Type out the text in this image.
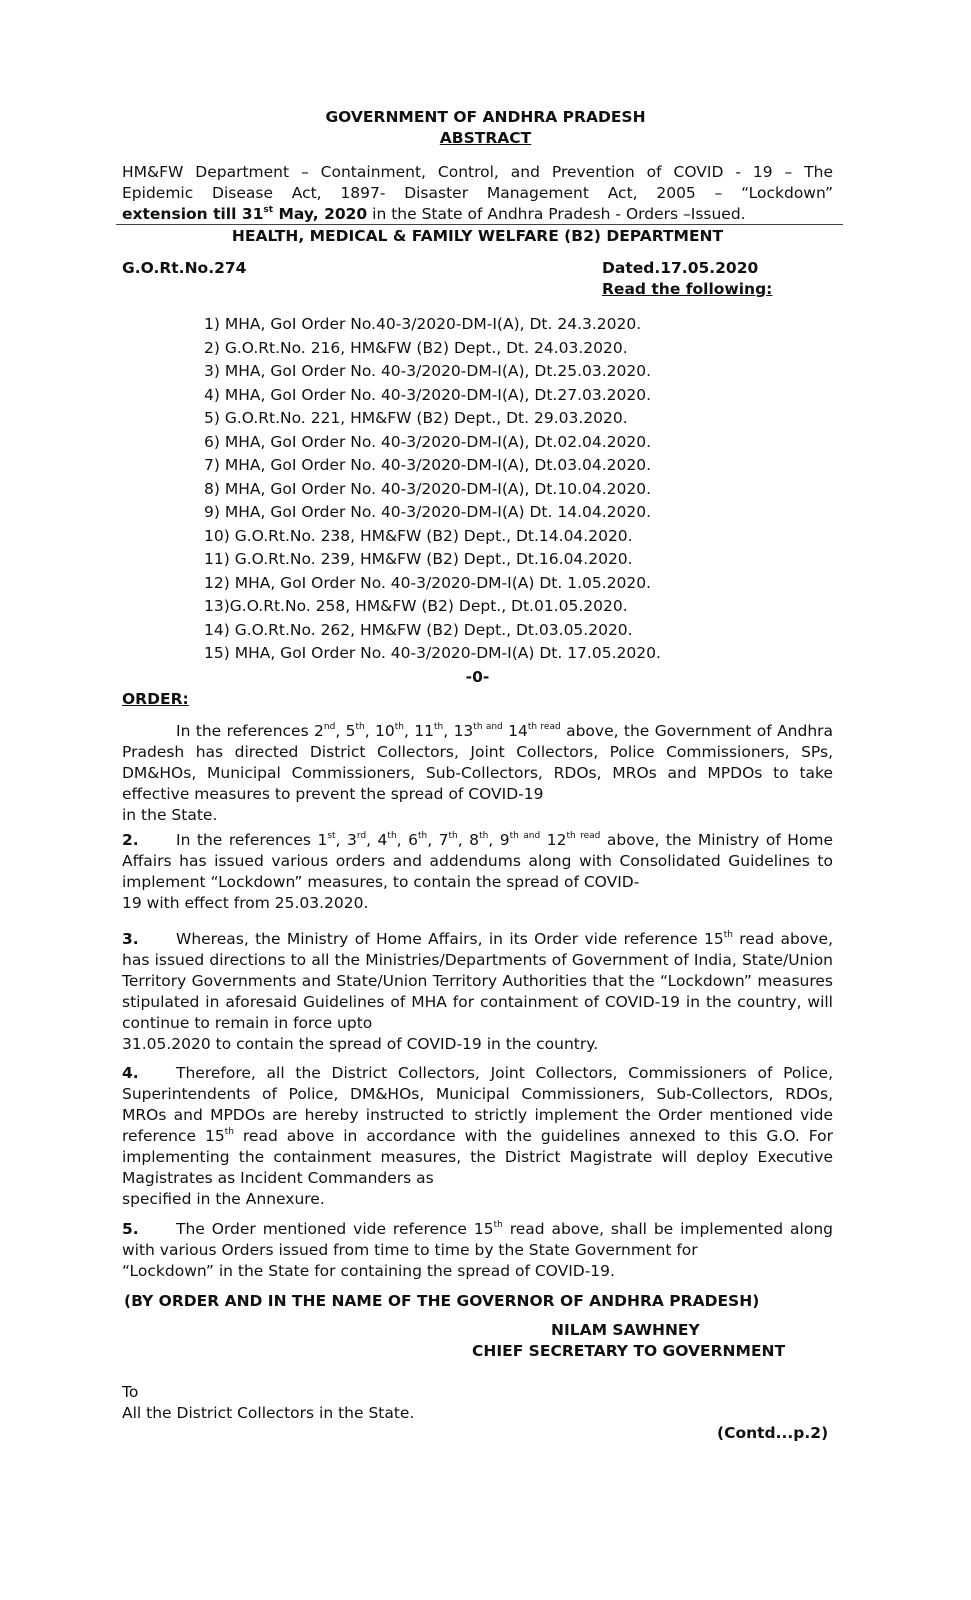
GOVERNMENT OF ANDHRA PRADESH
ABSTRACT
HM&FW Department – Containment, Control, and Prevention of COVID - 19 – The
Epidemic Disease Act, 1897- Disaster Management Act, 2005 – “Lockdown”
extension till 31st May, 2020 in the State of Andhra Pradesh - Orders –Issued.
HEALTH, MEDICAL & FAMILY WELFARE (B2) DEPARTMENT
G.O.Rt.No.274	Dated.17.05.2020
Read the following:
1) MHA, GoI Order No.40-3/2020-DM-I(A), Dt. 24.3.2020.
2) G.O.Rt.No. 216, HM&FW (B2) Dept., Dt. 24.03.2020.
3) MHA, GoI Order No. 40-3/2020-DM-I(A), Dt.25.03.2020.
4) MHA, GoI Order No. 40-3/2020-DM-I(A), Dt.27.03.2020.
5) G.O.Rt.No. 221, HM&FW (B2) Dept., Dt. 29.03.2020.
6) MHA, GoI Order No. 40-3/2020-DM-I(A), Dt.02.04.2020.
7) MHA, GoI Order No. 40-3/2020-DM-I(A), Dt.03.04.2020.
8) MHA, GoI Order No. 40-3/2020-DM-I(A), Dt.10.04.2020.
9) MHA, GoI Order No. 40-3/2020-DM-I(A) Dt. 14.04.2020.
10) G.O.Rt.No. 238, HM&FW (B2) Dept., Dt.14.04.2020.
11) G.O.Rt.No. 239, HM&FW (B2) Dept., Dt.16.04.2020.
12) MHA, GoI Order No. 40-3/2020-DM-I(A) Dt. 1.05.2020.
13)G.O.Rt.No. 258, HM&FW (B2) Dept., Dt.01.05.2020.
14) G.O.Rt.No. 262, HM&FW (B2) Dept., Dt.03.05.2020.
15) MHA, GoI Order No. 40-3/2020-DM-I(A) Dt. 17.05.2020.
-0-
ORDER:
In the references 2nd, 5th, 10th, 11th, $13^{th and}$ $14^{th read}$ above, the Government of Andhra Pradesh has directed District Collectors, Joint Collectors, Police Commissioners, SPs, DM&HOs, Municipal Commissioners, Sub-Collectors, RDOs, MROs and MPDOs to take effective measures to prevent the spread of COVID-19
in the State.
2. In the references 1st, 3rd, 4th, 6th, 7th, 8th, $9^{th and}$ $12^{th read}$ above, the Ministry of Home Affairs has issued various orders and addendums along with Consolidated Guidelines to implement “Lockdown” measures, to contain the spread of COVID-
19 with effect from 25.03.2020.
3. Whereas, the Ministry of Home Affairs, in its Order vide reference 15th read above, has issued directions to all the Ministries/Departments of Government of India, State/Union Territory Governments and State/Union Territory Authorities that the “Lockdown” measures stipulated in aforesaid Guidelines of MHA for containment of COVID-19 in the country, will continue to remain in force upto
31.05.2020 to contain the spread of COVID-19 in the country.
4. Therefore, all the District Collectors, Joint Collectors, Commissioners of Police, Superintendents of Police, DM&HOs, Municipal Commissioners, Sub-Collectors, RDOs, MROs and MPDOs are hereby instructed to strictly implement the Order mentioned vide reference 15th read above in accordance with the guidelines annexed to this G.O. For implementing the containment measures, the District Magistrate will deploy Executive Magistrates as Incident Commanders as
specified in the Annexure.
5. The Order mentioned vide reference 15th read above, shall be implemented along with various Orders issued from time to time by the State Government for
“Lockdown” in the State for containing the spread of COVID-19.
(BY ORDER AND IN THE NAME OF THE GOVERNOR OF ANDHRA PRADESH)
NILAM SAWHNEY
CHIEF SECRETARY TO GOVERNMENT
To
All the District Collectors in the State.
(Contd...p.2)
